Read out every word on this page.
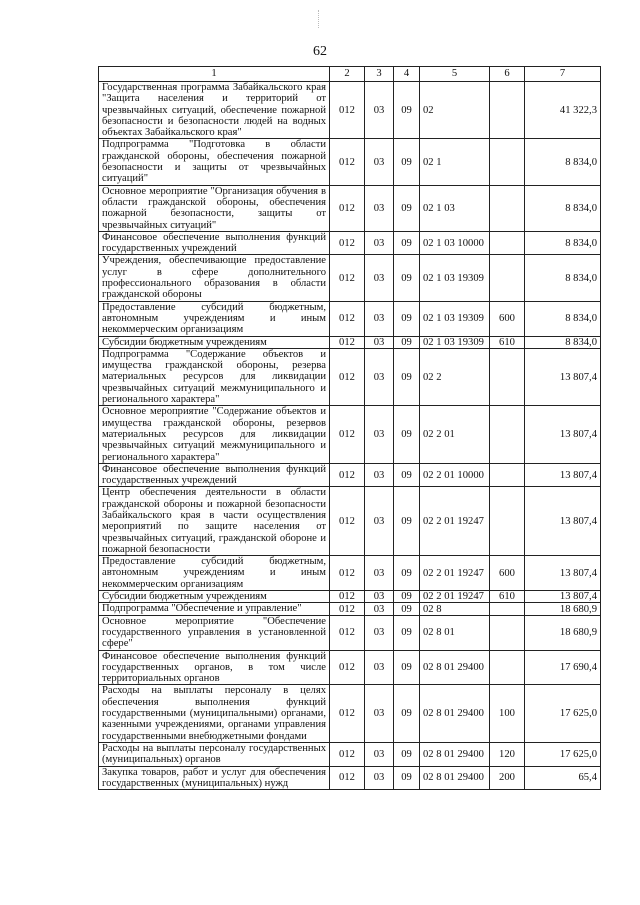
62
1	2	3	4	5	6	7
Государственная программа Забайкальского края "Защита населения и территорий от чрезвычайных ситуаций, обеспечение пожарной безопасности и безопасности людей на водных объектах Забайкальского края"	012	03	09	02		41 322,3
Подпрограмма "Подготовка в области гражданской обороны, обеспечения пожарной безопасности и защиты от чрезвычайных ситуаций"	012	03	09	02 1		8 834,0
Основное мероприятие "Организация обучения в области гражданской обороны, обеспечения пожарной безопасности, защиты от чрезвычайных ситуаций"	012	03	09	02 1 03		8 834,0
Финансовое обеспечение выполнения функций государственных учреждений	012	03	09	02 1 03 10000		8 834,0
Учреждения, обеспечивающие предоставление услуг в сфере дополнительного профессионального образования в области гражданской обороны	012	03	09	02 1 03 19309		8 834,0
Предоставление субсидий бюджетным, автономным учреждениям и иным некоммерческим организациям	012	03	09	02 1 03 19309	600	8 834,0
Субсидии бюджетным учреждениям	012	03	09	02 1 03 19309	610	8 834,0
Подпрограмма "Содержание объектов и имущества гражданской обороны, резерва материальных ресурсов для ликвидации чрезвычайных ситуаций межмуниципального и регионального характера"	012	03	09	02 2		13 807,4
Основное мероприятие "Содержание объектов и имущества гражданской обороны, резервов материальных ресурсов для ликвидации чрезвычайных ситуаций межмуниципального и регионального характера"	012	03	09	02 2 01		13 807,4
Финансовое обеспечение выполнения функций государственных учреждений	012	03	09	02 2 01 10000		13 807,4
Центр обеспечения деятельности в области гражданской обороны и пожарной безопасности Забайкальского края в части осуществления мероприятий по защите населения от чрезвычайных ситуаций, гражданской обороне и пожарной безопасности	012	03	09	02 2 01 19247		13 807,4
Предоставление субсидий бюджетным, автономным учреждениям и иным некоммерческим организациям	012	03	09	02 2 01 19247	600	13 807,4
Субсидии бюджетным учреждениям	012	03	09	02 2 01 19247	610	13 807,4
Подпрограмма "Обеспечение и управление"	012	03	09	02 8		18 680,9
Основное мероприятие "Обеспечение государственного управления в установленной сфере"	012	03	09	02 8 01		18 680,9
Финансовое обеспечение выполнения функций государственных органов, в том числе территориальных органов	012	03	09	02 8 01 29400		17 690,4
Расходы на выплаты персоналу в целях обеспечения выполнения функций государственными (муниципальными) органами, казенными учреждениями, органами управления государственными внебюджетными фондами	012	03	09	02 8 01 29400	100	17 625,0
Расходы на выплаты персоналу государственных (муниципальных) органов	012	03	09	02 8 01 29400	120	17 625,0
Закупка товаров, работ и услуг для обеспечения государственных (муниципальных) нужд	012	03	09	02 8 01 29400	200	65,4
